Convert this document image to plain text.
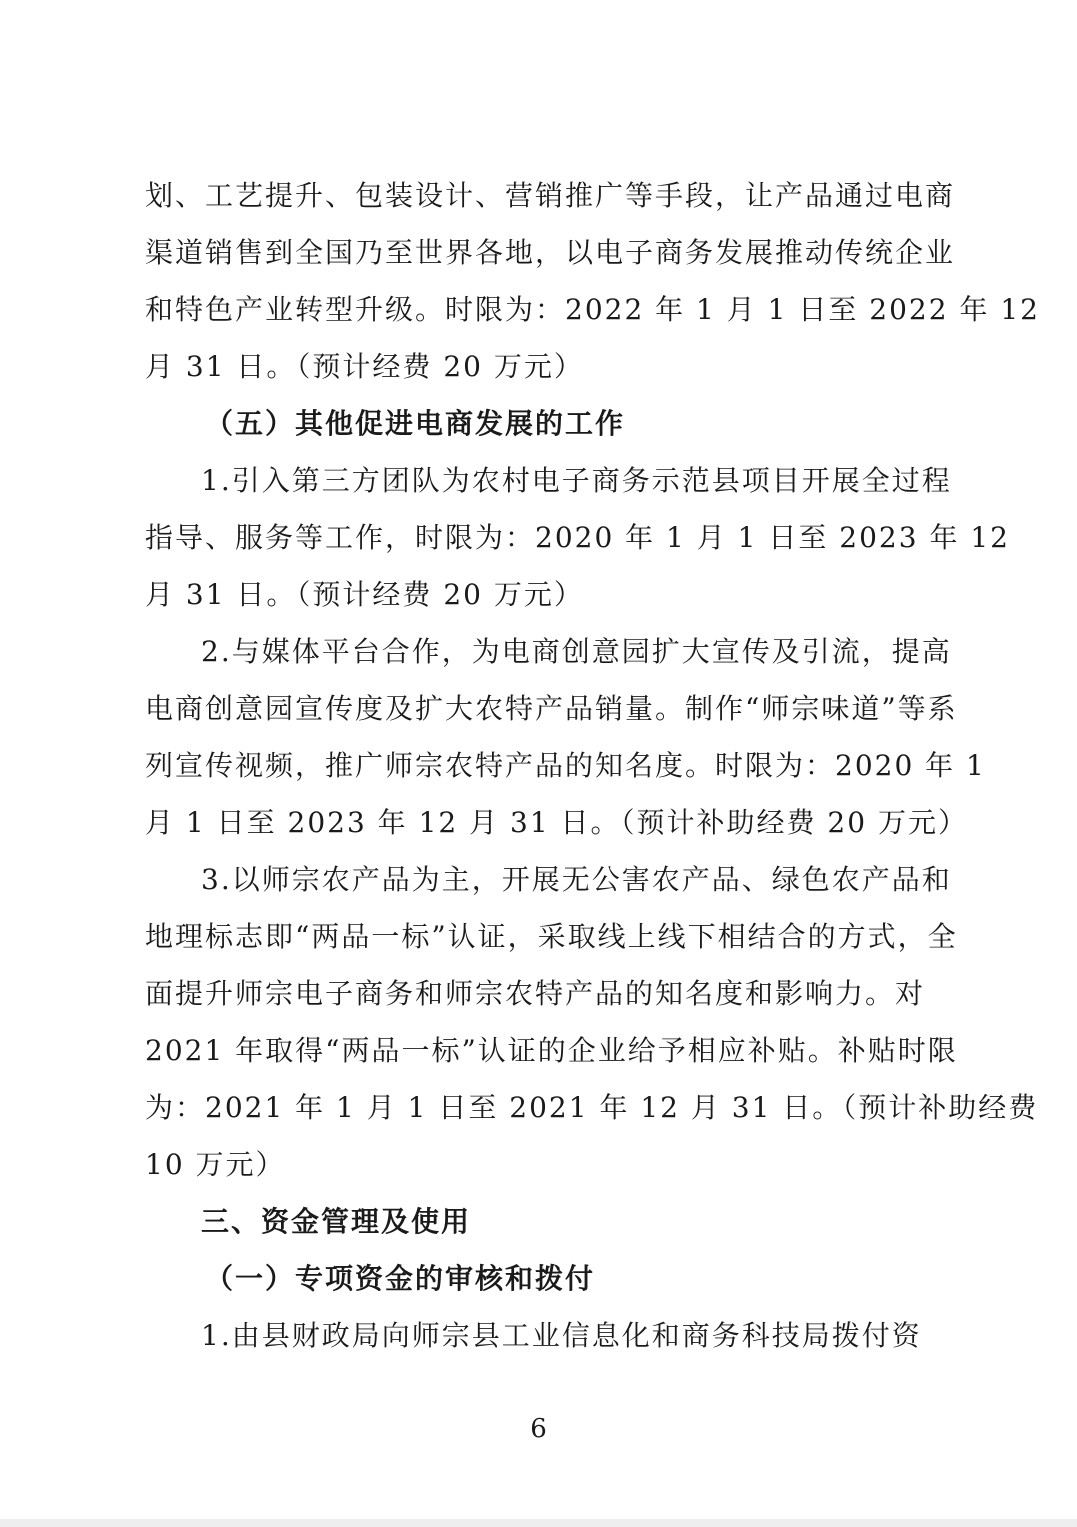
划、工艺提升、包装设计、营销推广等手段，让产品通过电商
渠道销售到全国乃至世界各地，以电子商务发展推动传统企业
和特色产业转型升级。时限为：2022 年 1 月 1 日至 2022 年 12
月 31 日。（预计经费 20 万元）
（五）其他促进电商发展的工作
1.引入第三方团队为农村电子商务示范县项目开展全过程
指导、服务等工作，时限为：2020 年 1 月 1 日至 2023 年 12
月 31 日。（预计经费 20 万元）
2.与媒体平台合作，为电商创意园扩大宣传及引流，提高
电商创意园宣传度及扩大农特产品销量。制作“师宗味道”等系
列宣传视频，推广师宗农特产品的知名度。时限为：2020 年 1
月 1 日至 2023 年 12 月 31 日。（预计补助经费 20 万元）
3.以师宗农产品为主，开展无公害农产品、绿色农产品和
地理标志即“两品一标”认证，采取线上线下相结合的方式，全
面提升师宗电子商务和师宗农特产品的知名度和影响力。对
2021 年取得“两品一标”认证的企业给予相应补贴。补贴时限
为：2021 年 1 月 1 日至 2021 年 12 月 31 日。（预计补助经费
10 万元）
三、资金管理及使用
（一）专项资金的审核和拨付
1.由县财政局向师宗县工业信息化和商务科技局拨付资
6
